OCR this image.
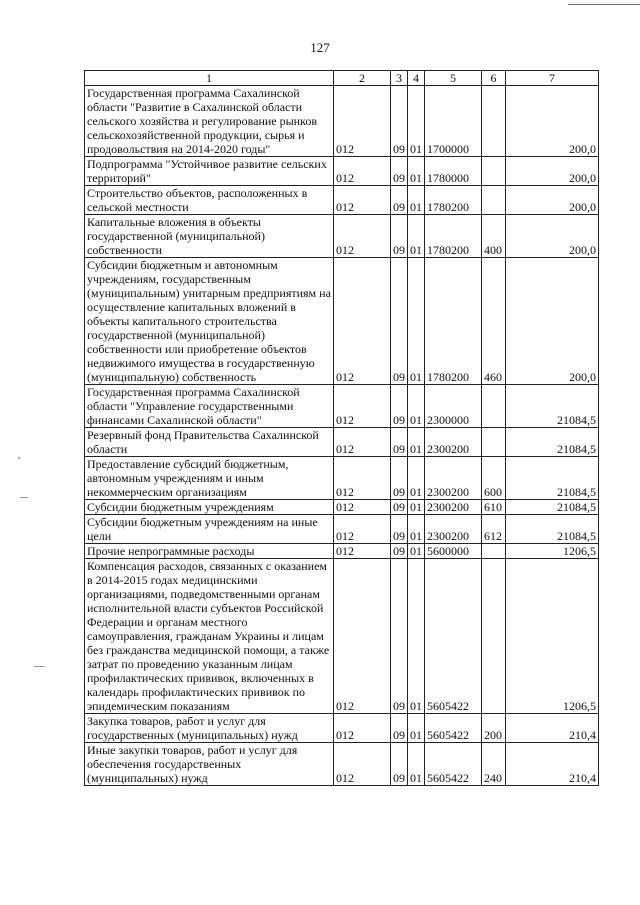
127
1	2	3	4	5	6	7
Государственная программа Сахалинской области "Развитие в Сахалинской области сельского хозяйства и регулирование рынков сельскохозяйственной продукции, сырья и продовольствия на 2014-2020 годы"	012	09	01	1700000		200,0
Подпрограмма "Устойчивое развитие сельских территорий"	012	09	01	1780000		200,0
Строительство объектов, расположенных в сельской местности	012	09	01	1780200		200,0
Капитальные вложения в объекты государственной (муниципальной) собственности	012	09	01	1780200	400	200,0
Субсидии бюджетным и автономным учреждениям, государственным (муниципальным) унитарным предприятиям на осуществление капитальных вложений в объекты капитального строительства государственной (муниципальной) собственности или приобретение объектов недвижимого имущества в государственную (муниципальную) собственность	012	09	01	1780200	460	200,0
Государственная программа Сахалинской области "Управление государственными финансами Сахалинской области"	012	09	01	2300000		21084,5
Резервный фонд Правительства Сахалинской области	012	09	01	2300200		21084,5
Предоставление субсидий бюджетным, автономным учреждениям и иным некоммерческим организациям	012	09	01	2300200	600	21084,5
Субсидии бюджетным учреждениям	012	09	01	2300200	610	21084,5
Субсидии бюджетным учреждениям на иные цели	012	09	01	2300200	612	21084,5
Прочие непрограммные расходы	012	09	01	5600000		1206,5
Компенсация расходов, связанных с оказанием в 2014-2015 годах медицинскими организациями, подведомственными органам исполнительной власти субъектов Российской Федерации и органам местного самоуправления, гражданам Украины и лицам без гражданства медицинской помощи, а также затрат по проведению указанным лицам профилактических прививок, включенных в календарь профилактических прививок по эпидемическим показаниям	012	09	01	5605422		1206,5
Закупка товаров, работ и услуг для государственных (муниципальных) нужд	012	09	01	5605422	200	210,4
Иные закупки товаров, работ и услуг для обеспечения государственных (муниципальных) нужд	012	09	01	5605422	240	210,4
